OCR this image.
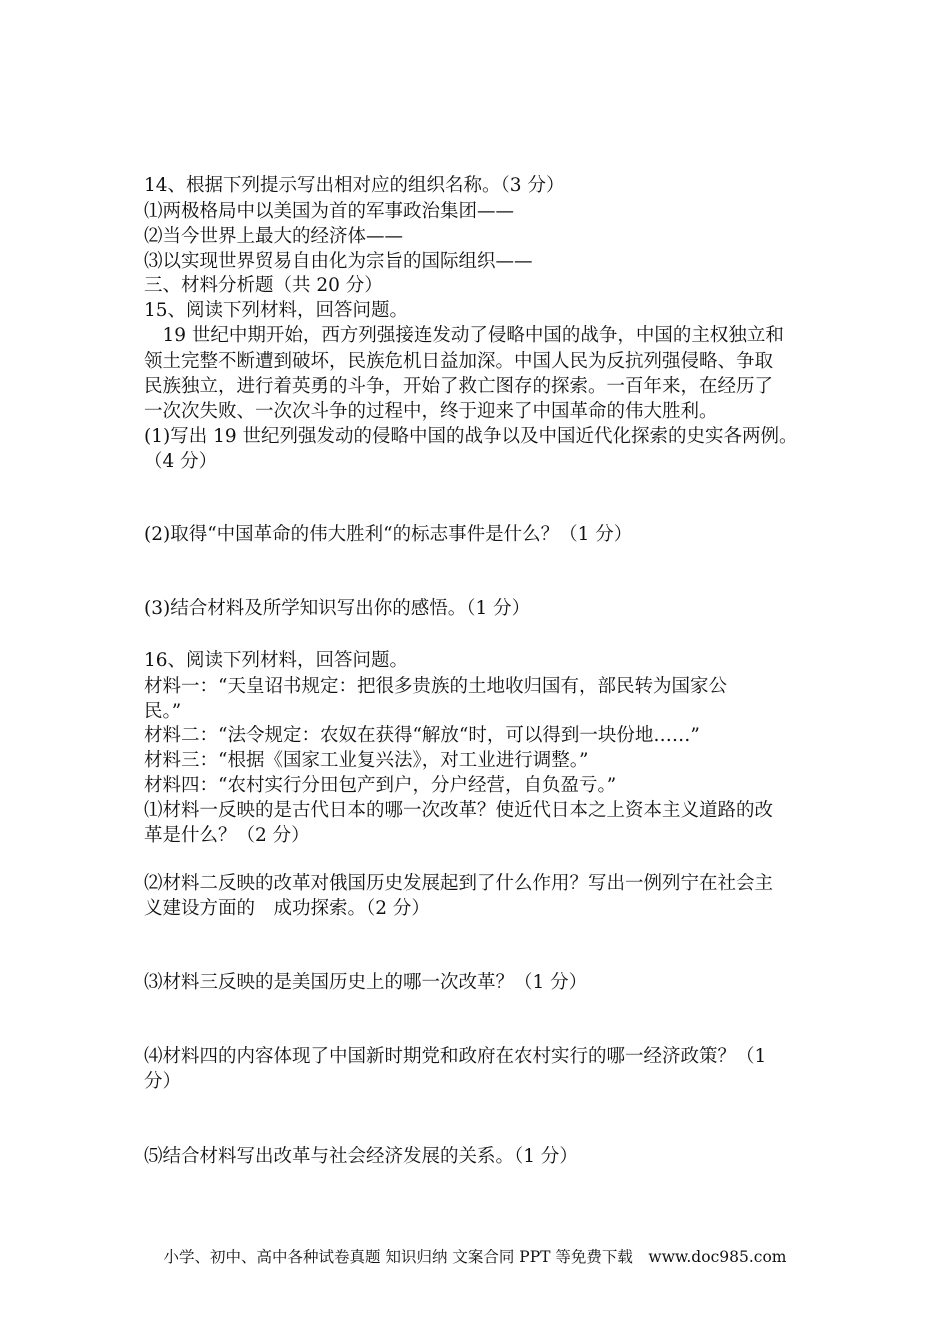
14、根据下列提示写出相对应的组织名称。（3 分）
⑴两极格局中以美国为首的军事政治集团——
⑵当今世界上最大的经济体——
⑶以实现世界贸易自由化为宗旨的国际组织——
三、材料分析题（共 20 分）
15、阅读下列材料，回答问题。
　19 世纪中期开始，西方列强接连发动了侵略中国的战争，中国的主权独立和
领土完整不断遭到破坏，民族危机日益加深。中国人民为反抗列强侵略、争取
民族独立，进行着英勇的斗争，开始了救亡图存的探索。一百年来，在经历了
一次次失败、一次次斗争的过程中，终于迎来了中国革命的伟大胜利。
(1)写出 19 世纪列强发动的侵略中国的战争以及中国近代化探索的史实各两例。
（4 分）
(2)取得“中国革命的伟大胜利“的标志事件是什么？（1 分）
(3)结合材料及所学知识写出你的感悟。（1 分）
16、阅读下列材料，回答问题。
材料一：“天皇诏书规定：把很多贵族的土地收归国有，部民转为国家公
民。”
材料二：“法令规定：农奴在获得“解放“时，可以得到一块份地……”
材料三：“根据《国家工业复兴法》，对工业进行调整。”
材料四：“农村实行分田包产到户，分户经营，自负盈亏。”
⑴材料一反映的是古代日本的哪一次改革？使近代日本之上资本主义道路的改
革是什么？（2 分）
⑵材料二反映的改革对俄国历史发展起到了什么作用？写出一例列宁在社会主
义建设方面的　成功探索。（2 分）
⑶材料三反映的是美国历史上的哪一次改革？（1 分）
⑷材料四的内容体现了中国新时期党和政府在农村实行的哪一经济政策？（1
分）
⑸结合材料写出改革与社会经济发展的关系。（1 分）
小学、初中、高中各种试卷真题 知识归纳 文案合同 PPT 等免费下载　www.doc985.com
